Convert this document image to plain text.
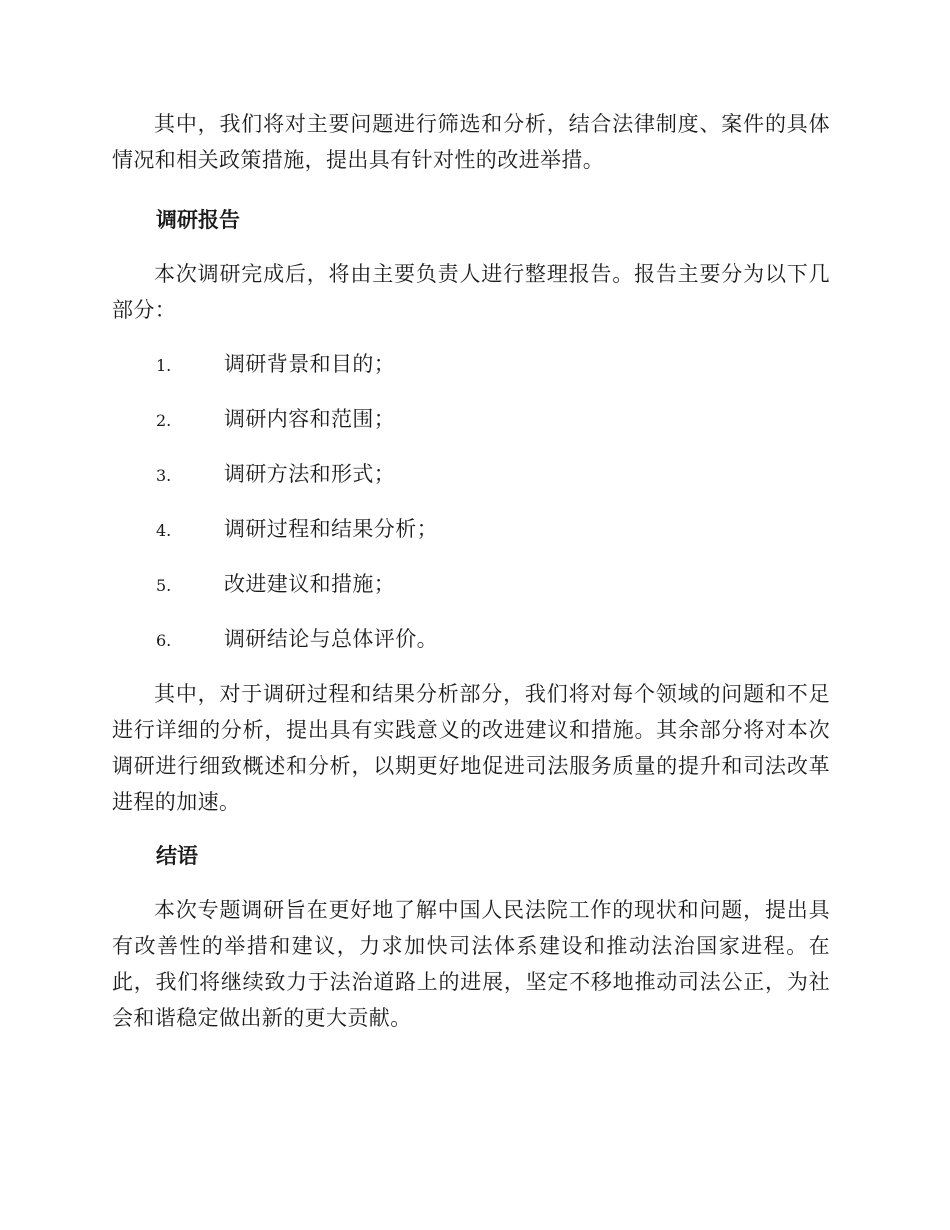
其中，我们将对主要问题进行筛选和分析，结合法律制度、案件的具体情况和相关政策措施，提出具有针对性的改进举措。

调研报告

本次调研完成后，将由主要负责人进行整理报告。报告主要分为以下几部分：

1.	调研背景和目的；
2.	调研内容和范围；
3.	调研方法和形式；
4.	调研过程和结果分析；
5.	改进建议和措施；
6.	调研结论与总体评价。

其中，对于调研过程和结果分析部分，我们将对每个领域的问题和不足进行详细的分析，提出具有实践意义的改进建议和措施。其余部分将对本次调研进行细致概述和分析，以期更好地促进司法服务质量的提升和司法改革进程的加速。

结语

本次专题调研旨在更好地了解中国人民法院工作的现状和问题，提出具有改善性的举措和建议，力求加快司法体系建设和推动法治国家进程。在此，我们将继续致力于法治道路上的进展，坚定不移地推动司法公正，为社会和谐稳定做出新的更大贡献。
